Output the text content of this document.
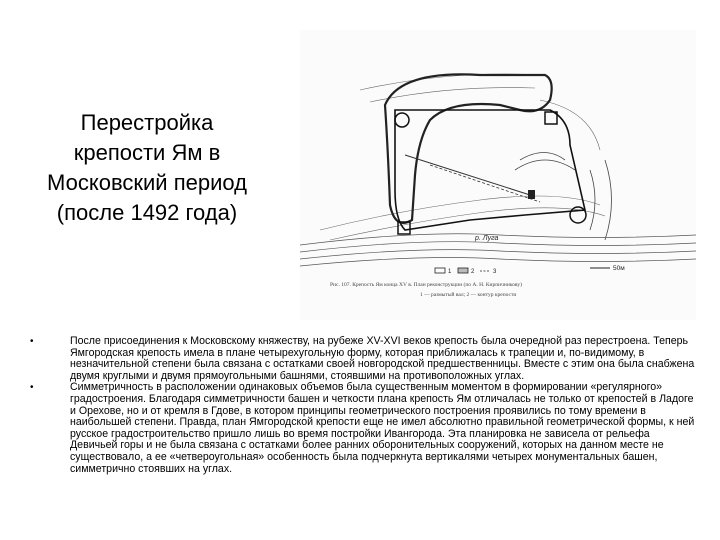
Перестройка
крепости Ям в
Московский период
(после 1492 года)
р. Луга
50м
1	2	3
Рис. 107. Крепость Ям конца XV в. План реконструкции (по А. Н. Кирпичникову)
1 — размытый вал; 2 — контур крепости
•	После присоединения к Московскому княжеству, на рубеже XV-XVI веков крепость была очередной раз перестроена. Теперь Ямгородская крепость имела в плане четырехугольную форму, которая приближалась к трапеции и, по-видимому, в незначительной степени была связана с остатками своей новгородской предшественницы. Вместе с этим она была снабжена двумя круглыми и двумя прямоугольными башнями, стоявшими на противоположных углах.
•	Симметричность в расположении одинаковых объемов была существенным моментом в формировании «регулярного» градостроения. Благодаря симметричности башен и четкости плана крепость Ям отличалась не только от крепостей в Ладоге и Орехове, но и от кремля в Гдове, в котором принципы геометрического построения проявились по тому времени в наибольшей степени. Правда, план Ямгородской крепости еще не имел абсолютно правильной геометрической формы, к ней русское градостроительство пришло лишь во время постройки Ивангорода. Эта планировка не зависела от рельефа Девичьей горы и не была связана с остатками более ранних оборонительных сооружений, которых на данном месте не существовало, а ее «четвероугольная» особенность была подчеркнута вертикалями четырех монументальных башен, симметрично стоявших на углах.
